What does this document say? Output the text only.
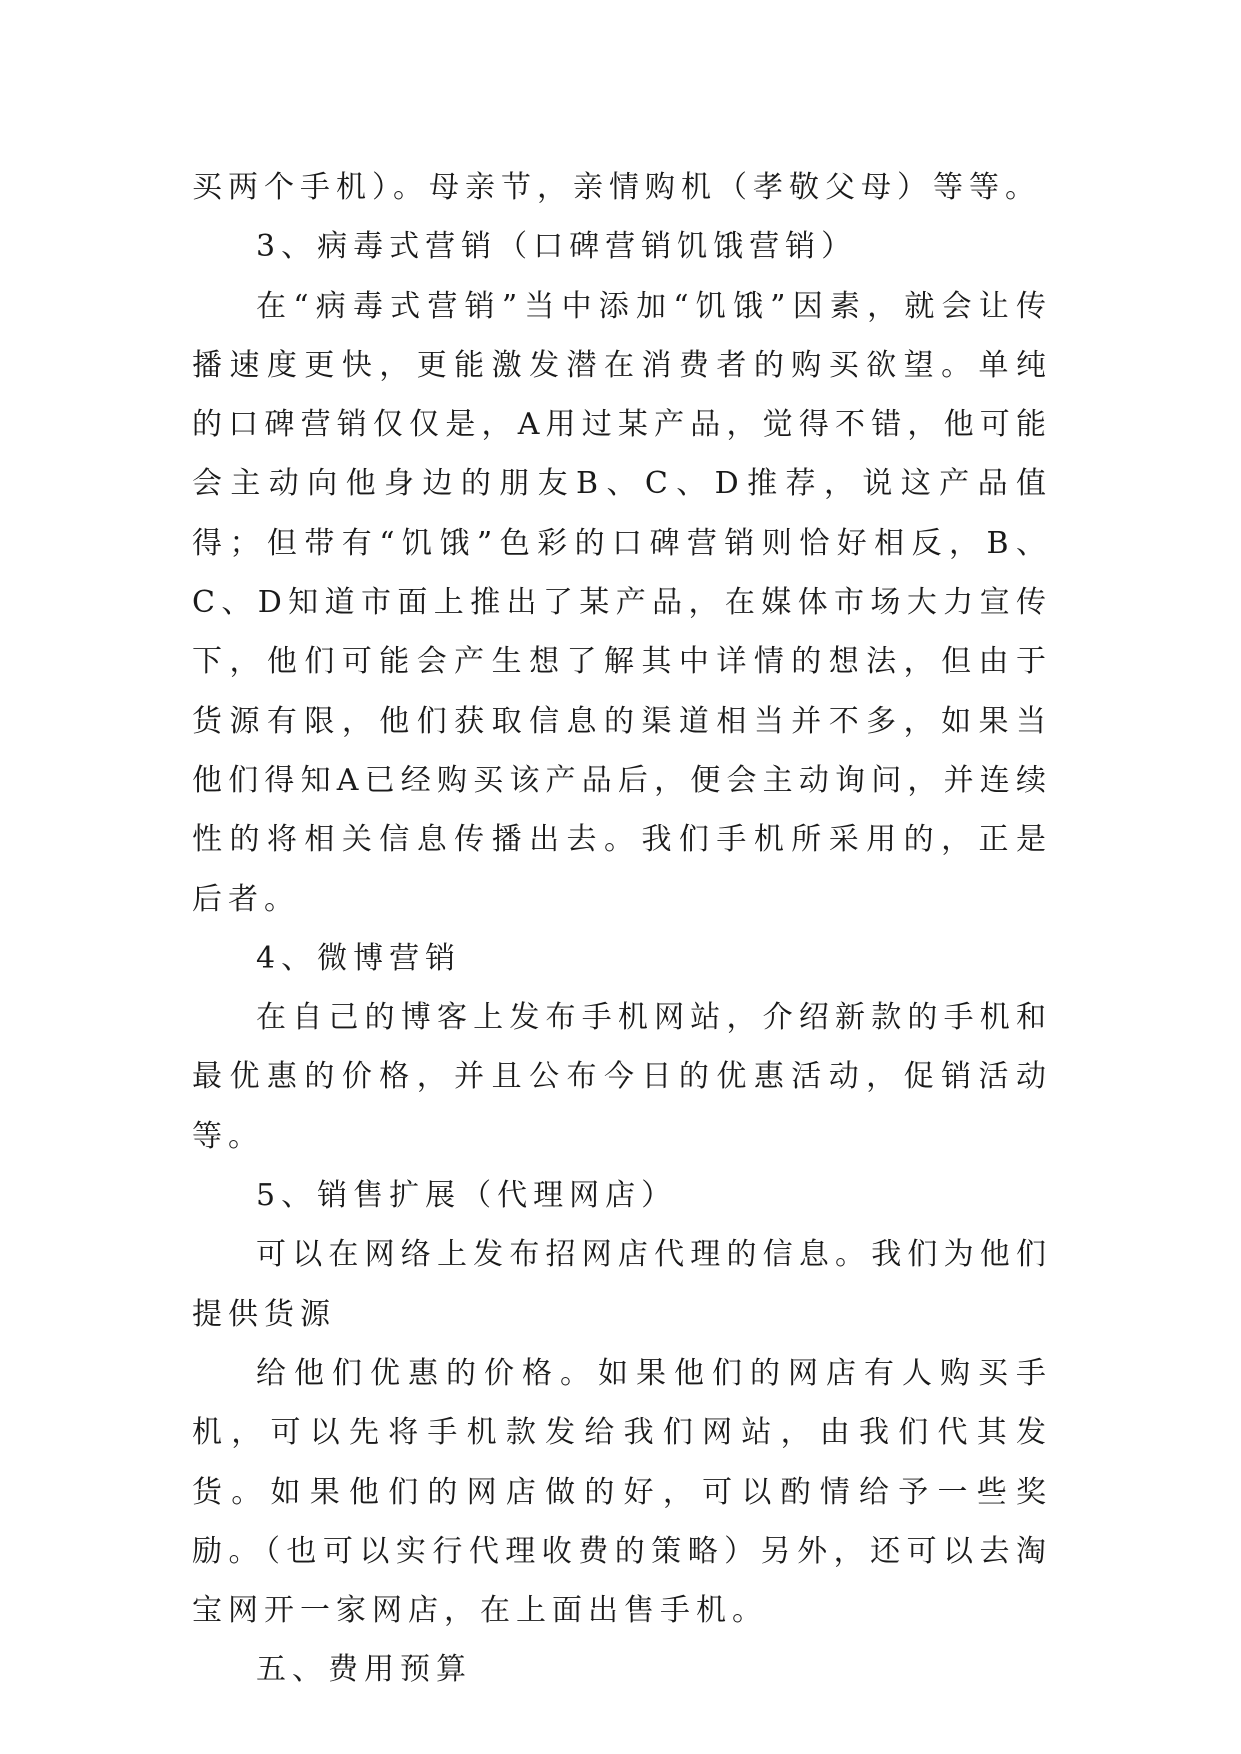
买两个手机）。母亲节，亲情购机（孝敬父母）等等。

3、病毒式营销（口碑营销饥饿营销）

在“病毒式营销”当中添加“饥饿”因素，就会让传播速度更快，更能激发潜在消费者的购买欲望。单纯的口碑营销仅仅是，A用过某产品，觉得不错，他可能会主动向他身边的朋友B、C、D推荐，说这产品值得；但带有“饥饿”色彩的口碑营销则恰好相反，B、C、D知道市面上推出了某产品，在媒体市场大力宣传下，他们可能会产生想了解其中详情的想法，但由于货源有限，他们获取信息的渠道相当并不多，如果当他们得知A已经购买该产品后，便会主动询问，并连续性的将相关信息传播出去。我们手机所采用的，正是后者。

4、微博营销

在自己的博客上发布手机网站，介绍新款的手机和最优惠的价格，并且公布今日的优惠活动，促销活动等。

5、销售扩展（代理网店）

可以在网络上发布招网店代理的信息。我们为他们提供货源

给他们优惠的价格。如果他们的网店有人购买手机，可以先将手机款发给我们网站，由我们代其发货。如果他们的网店做的好，可以酌情给予一些奖励。（也可以实行代理收费的策略）另外，还可以去淘宝网开一家网店，在上面出售手机。

五、费用预算
